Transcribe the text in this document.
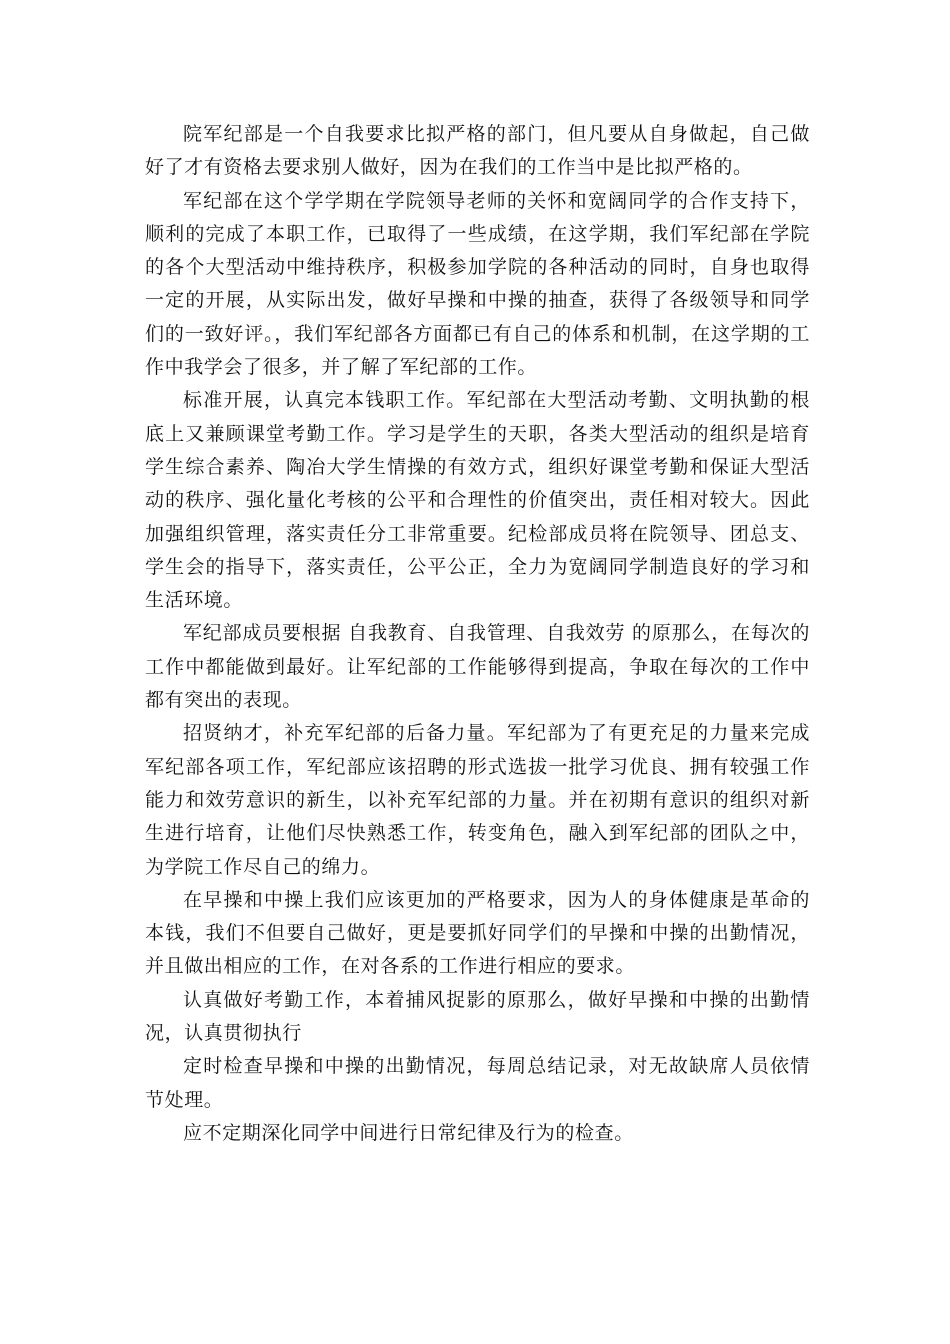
院军纪部是一个自我要求比拟严格的部门，但凡要从自身做起，自己做好了才有资格去要求别人做好，因为在我们的工作当中是比拟严格的。

军纪部在这个学学期在学院领导老师的关怀和宽阔同学的合作支持下，顺利的完成了本职工作，已取得了一些成绩，在这学期，我们军纪部在学院的各个大型活动中维持秩序，积极参加学院的各种活动的同时，自身也取得一定的开展，从实际出发，做好早操和中操的抽查，获得了各级领导和同学们的一致好评。，我们军纪部各方面都已有自己的体系和机制，在这学期的工作中我学会了很多，并了解了军纪部的工作。

标准开展，认真完本钱职工作。军纪部在大型活动考勤、文明执勤的根底上又兼顾课堂考勤工作。学习是学生的天职，各类大型活动的组织是培育学生综合素养、陶冶大学生情操的有效方式，组织好课堂考勤和保证大型活动的秩序、强化量化考核的公平和合理性的价值突出，责任相对较大。因此加强组织管理，落实责任分工非常重要。纪检部成员将在院领导、团总支、学生会的指导下，落实责任，公平公正，全力为宽阔同学制造良好的学习和生活环境。

军纪部成员要根据 自我教育、自我管理、自我效劳 的原那么，在每次的工作中都能做到最好。让军纪部的工作能够得到提高，争取在每次的工作中都有突出的表现。

招贤纳才，补充军纪部的后备力量。军纪部为了有更充足的力量来完成军纪部各项工作，军纪部应该招聘的形式选拔一批学习优良、拥有较强工作能力和效劳意识的新生，以补充军纪部的力量。并在初期有意识的组织对新生进行培育，让他们尽快熟悉工作，转变角色，融入到军纪部的团队之中，为学院工作尽自己的绵力。

在早操和中操上我们应该更加的严格要求，因为人的身体健康是革命的本钱，我们不但要自己做好，更是要抓好同学们的早操和中操的出勤情况，并且做出相应的工作，在对各系的工作进行相应的要求。

认真做好考勤工作，本着捕风捉影的原那么，做好早操和中操的出勤情况，认真贯彻执行

定时检查早操和中操的出勤情况，每周总结记录，对无故缺席人员依情节处理。

应不定期深化同学中间进行日常纪律及行为的检查。
